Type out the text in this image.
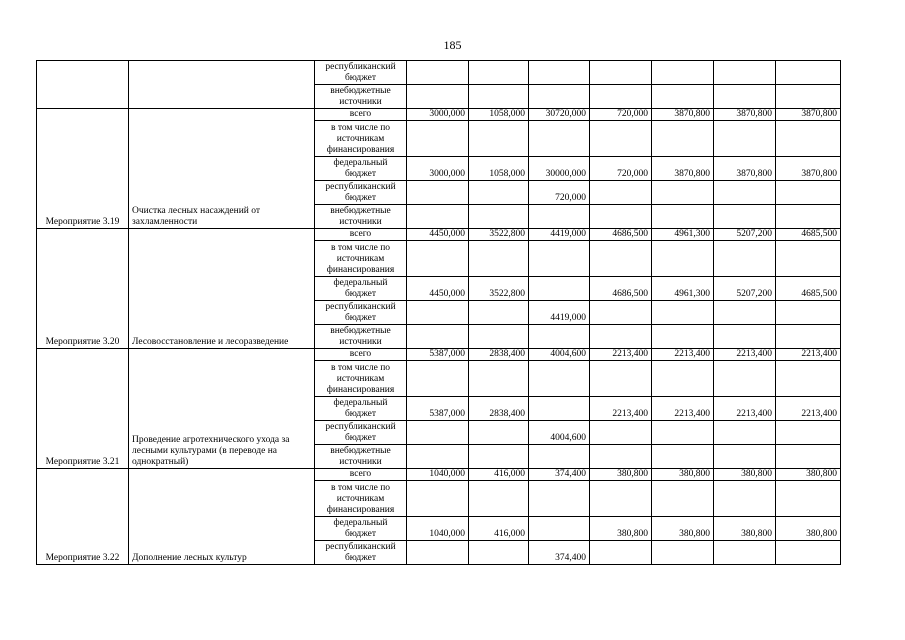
185
		республиканский бюджет							
		внебюджетные источники							
Мероприятие 3.19	Очистка лесных насаждений от захламленности	всего	3000,000	1058,000	30720,000	720,000	3870,800	3870,800	3870,800
		в том числе по источникам финансирования							
		федеральный бюджет	3000,000	1058,000	30000,000	720,000	3870,800	3870,800	3870,800
		республиканский бюджет			720,000				
		внебюджетные источники							
Мероприятие 3.20	Лесовосстановление и лесоразведение	всего	4450,000	3522,800	4419,000	4686,500	4961,300	5207,200	4685,500
		в том числе по источникам финансирования							
		федеральный бюджет	4450,000	3522,800		4686,500	4961,300	5207,200	4685,500
		республиканский бюджет			4419,000				
		внебюджетные источники							
Мероприятие 3.21	Проведение агротехнического ухода за лесными культурами (в переводе на однократный)	всего	5387,000	2838,400	4004,600	2213,400	2213,400	2213,400	2213,400
		в том числе по источникам финансирования							
		федеральный бюджет	5387,000	2838,400		2213,400	2213,400	2213,400	2213,400
		республиканский бюджет			4004,600				
		внебюджетные источники							
Мероприятие 3.22	Дополнение лесных культур	всего	1040,000	416,000	374,400	380,800	380,800	380,800	380,800
		в том числе по источникам финансирования							
		федеральный бюджет	1040,000	416,000		380,800	380,800	380,800	380,800
		республиканский бюджет			374,400				
